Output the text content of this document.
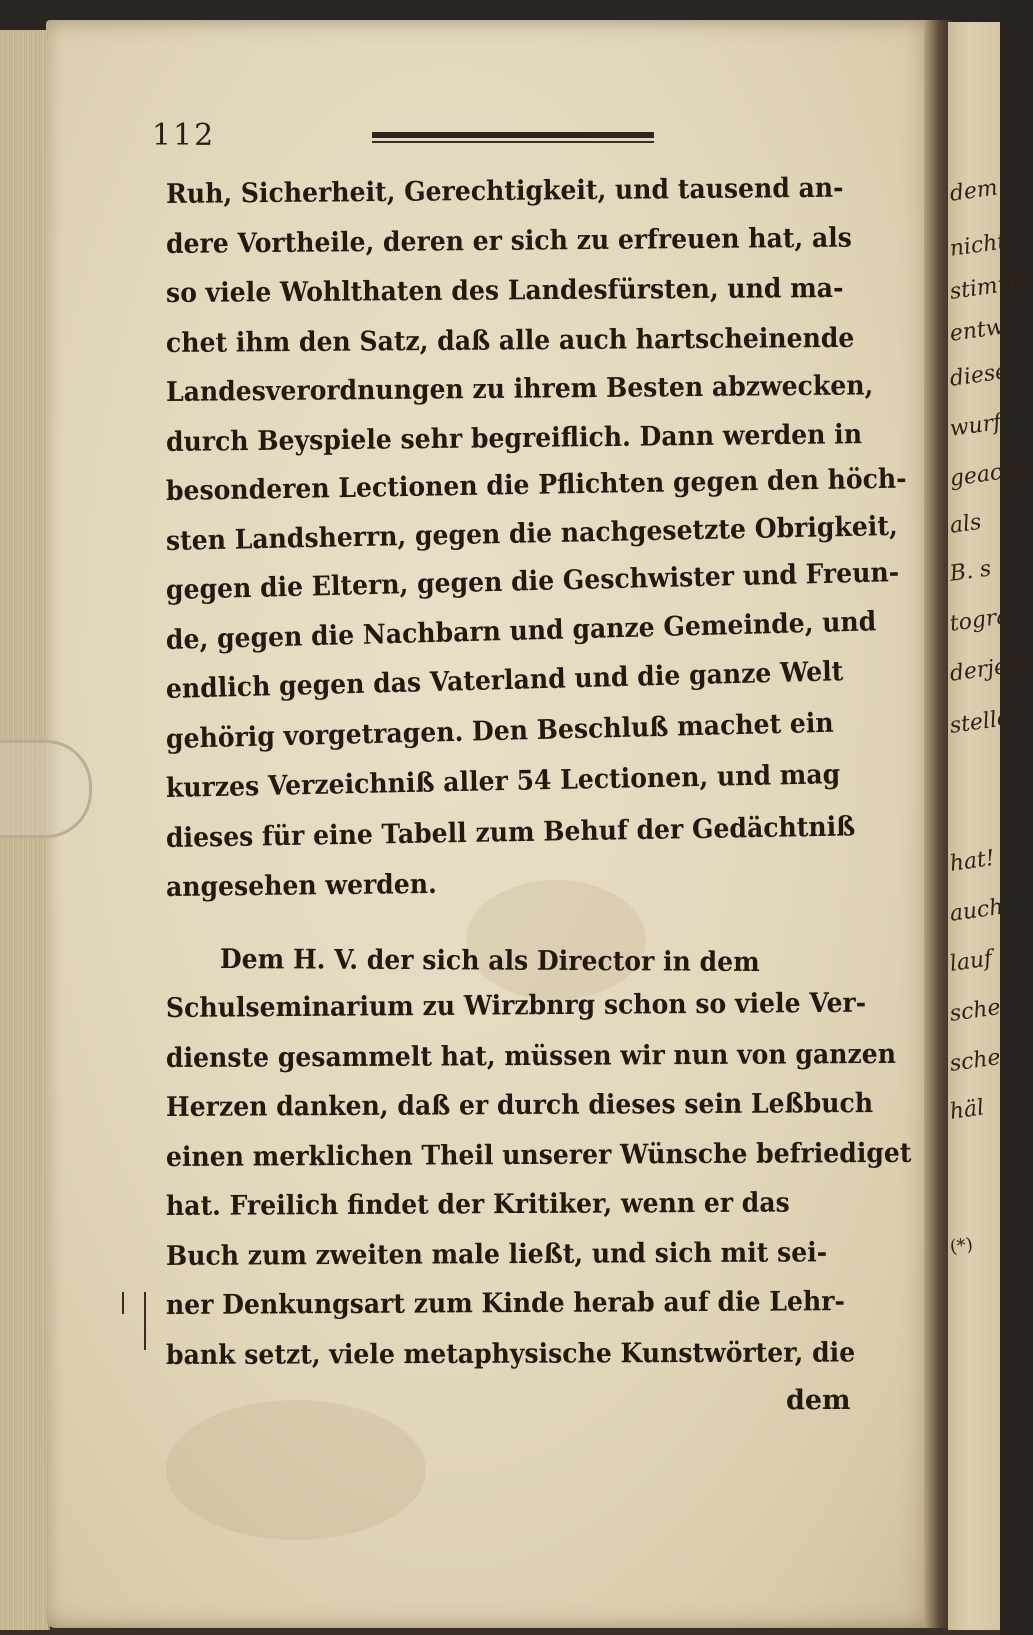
dem
nicht
stimme
entwi
diesem
wurf
geacht
als
B. s
togra
derjen
steller
hat!
auch
lauf
schei
sche
häl
(*)
112
Ruh, Sicherheit, Gerechtigkeit, und tausend an-
dere Vortheile, deren er sich zu erfreuen hat, als
so viele Wohlthaten des Landesfürsten, und ma-
chet ihm den Satz, daß alle auch hartscheinende
Landesverordnungen zu ihrem Besten abzwecken,
durch Beyspiele sehr begreiflich. Dann werden in
besonderen Lectionen die Pflichten gegen den höch-
sten Landsherrn, gegen die nachgesetzte Obrigkeit,
gegen die Eltern, gegen die Geschwister und Freun-
de, gegen die Nachbarn und ganze Gemeinde, und
endlich gegen das Vaterland und die ganze Welt
gehörig vorgetragen. Den Beschluß machet ein
kurzes Verzeichniß aller 54 Lectionen, und mag
dieses für eine Tabell zum Behuf der Gedächtniß
angesehen werden.
Dem H. V. der sich als Director in dem
Schulseminarium zu Wirzbnrg schon so viele Ver-
dienste gesammelt hat, müssen wir nun von ganzen
Herzen danken, daß er durch dieses sein Leßbuch
einen merklichen Theil unserer Wünsche befriediget
hat. Freilich findet der Kritiker, wenn er das
Buch zum zweiten male ließt, und sich mit sei-
ner Denkungsart zum Kinde herab auf die Lehr-
bank setzt, viele metaphysische Kunstwörter, die
dem
